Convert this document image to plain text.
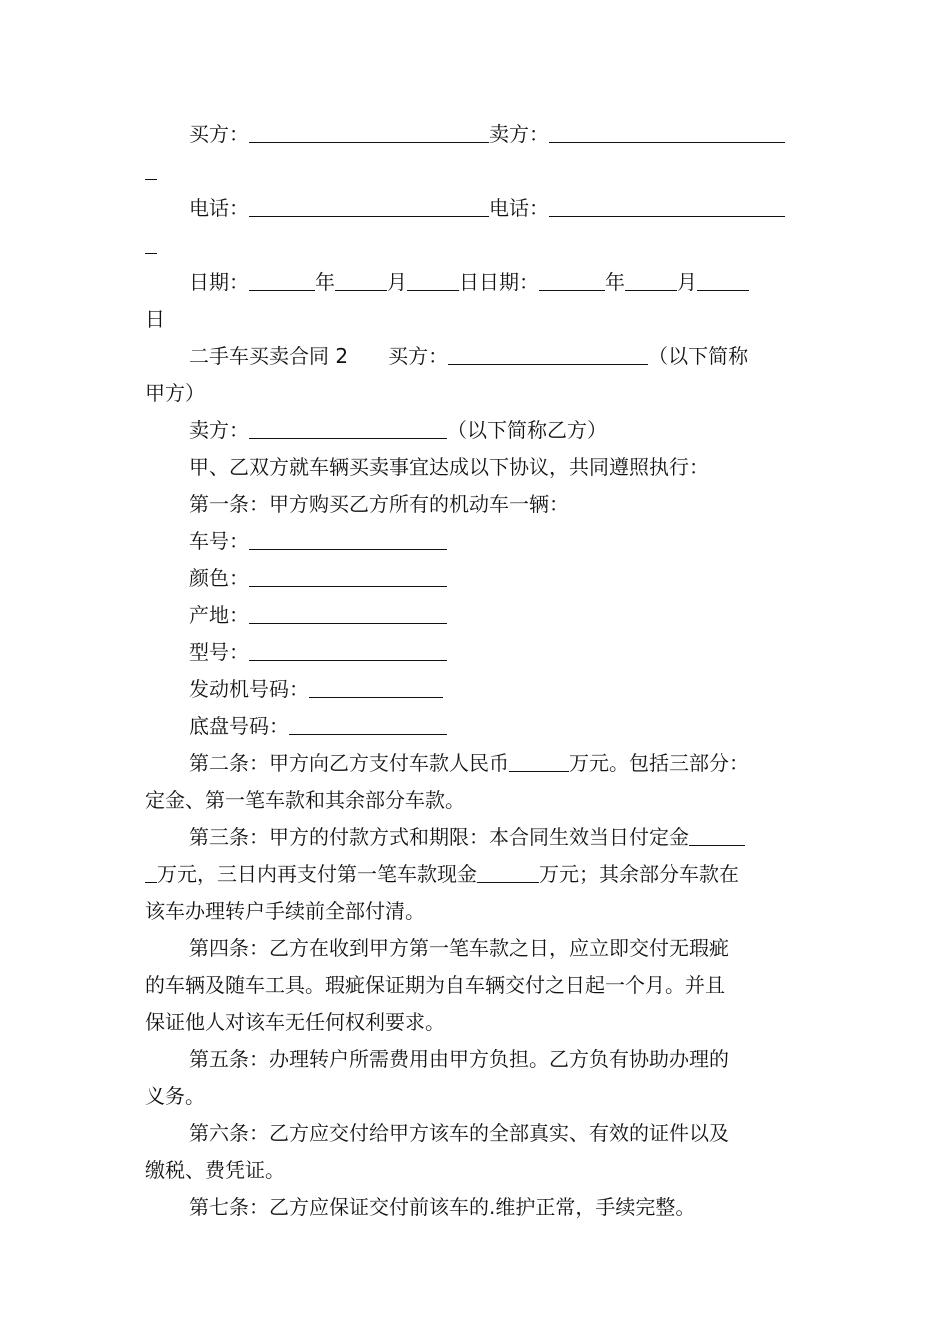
买方：	卖方：
电话：	电话：
日期：	年	月	日日期：	年	月
日
二手车买卖合同 2 买方：	（以下简称
甲方）
卖方：	（以下简称乙方）
甲、乙双方就车辆买卖事宜达成以下协议，共同遵照执行：
第一条：甲方购买乙方所有的机动车一辆：
车号：
颜色：
产地：
型号：
发动机号码：
底盘号码：
第二条：甲方向乙方支付车款人民币	万元。包括三部分：
定金、第一笔车款和其余部分车款。
第三条：甲方的付款方式和期限：本合同生效当日付定金
万元，三日内再支付第一笔车款现金	万元；其余部分车款在
该车办理转户手续前全部付清。
第四条：乙方在收到甲方第一笔车款之日，应立即交付无瑕疵
的车辆及随车工具。瑕疵保证期为自车辆交付之日起一个月。并且
保证他人对该车无任何权利要求。
第五条：办理转户所需费用由甲方负担。乙方负有协助办理的
义务。
第六条：乙方应交付给甲方该车的全部真实、有效的证件以及
缴税、费凭证。
第七条：乙方应保证交付前该车的.维护正常，手续完整。
